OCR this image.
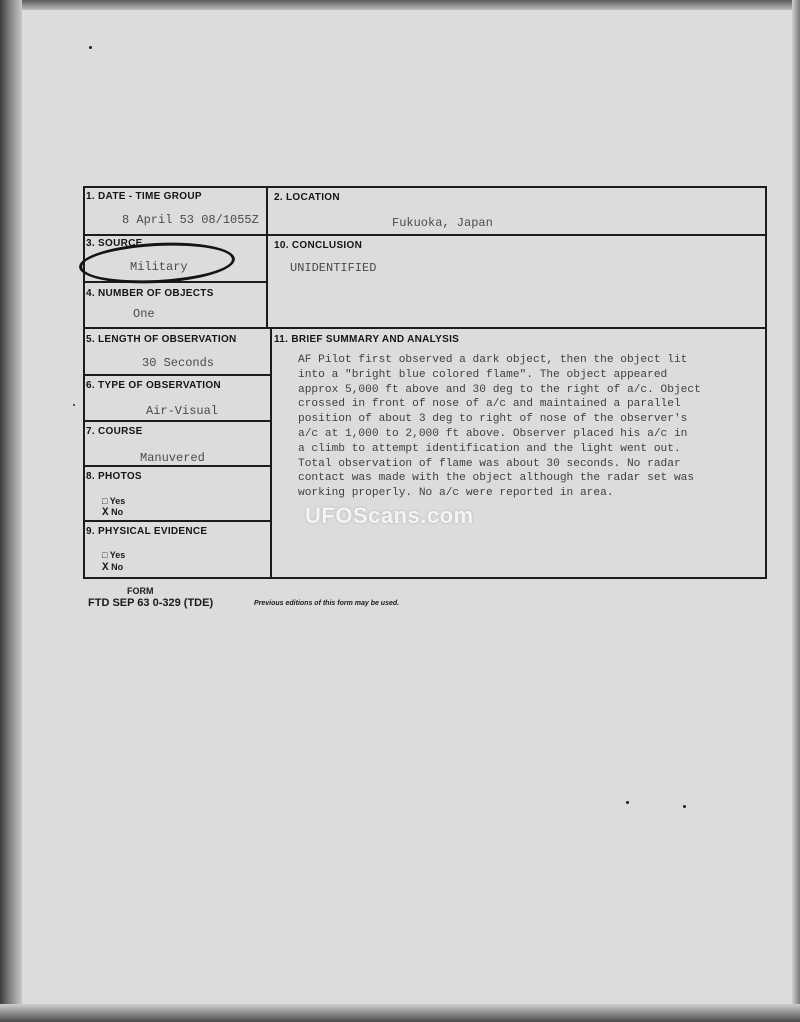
1. DATE - TIME GROUP
8 April 53 08/1055Z
2. LOCATION
Fukuoka, Japan
3. SOURCE
Military
10. CONCLUSION
UNIDENTIFIED
4. NUMBER OF OBJECTS
One
5. LENGTH OF OBSERVATION
30 Seconds
11. BRIEF SUMMARY AND ANALYSIS
AF Pilot first observed a dark object, then the object lit
into a "bright blue colored flame". The object appeared
approx 5,000 ft above and 30 deg to the right of a/c. Object
crossed in front of nose of a/c and maintained a parallel
position of about 3 deg to right of nose of the observer's
a/c at 1,000 to 2,000 ft above. Observer placed his a/c in
a climb to attempt identification and the light went out.
Total observation of flame was about 30 seconds. No radar
contact was made with the object although the radar set was
working properly. No a/c were reported in area.
6. TYPE OF OBSERVATION
Air-Visual
7. COURSE
Manuvered
8. PHOTOS
□ Yes
X No
9. PHYSICAL EVIDENCE
□ Yes
X No
FORM
FTD SEP 63 0-329 (TDE)	Previous editions of this form may be used.
UFOScans.com
